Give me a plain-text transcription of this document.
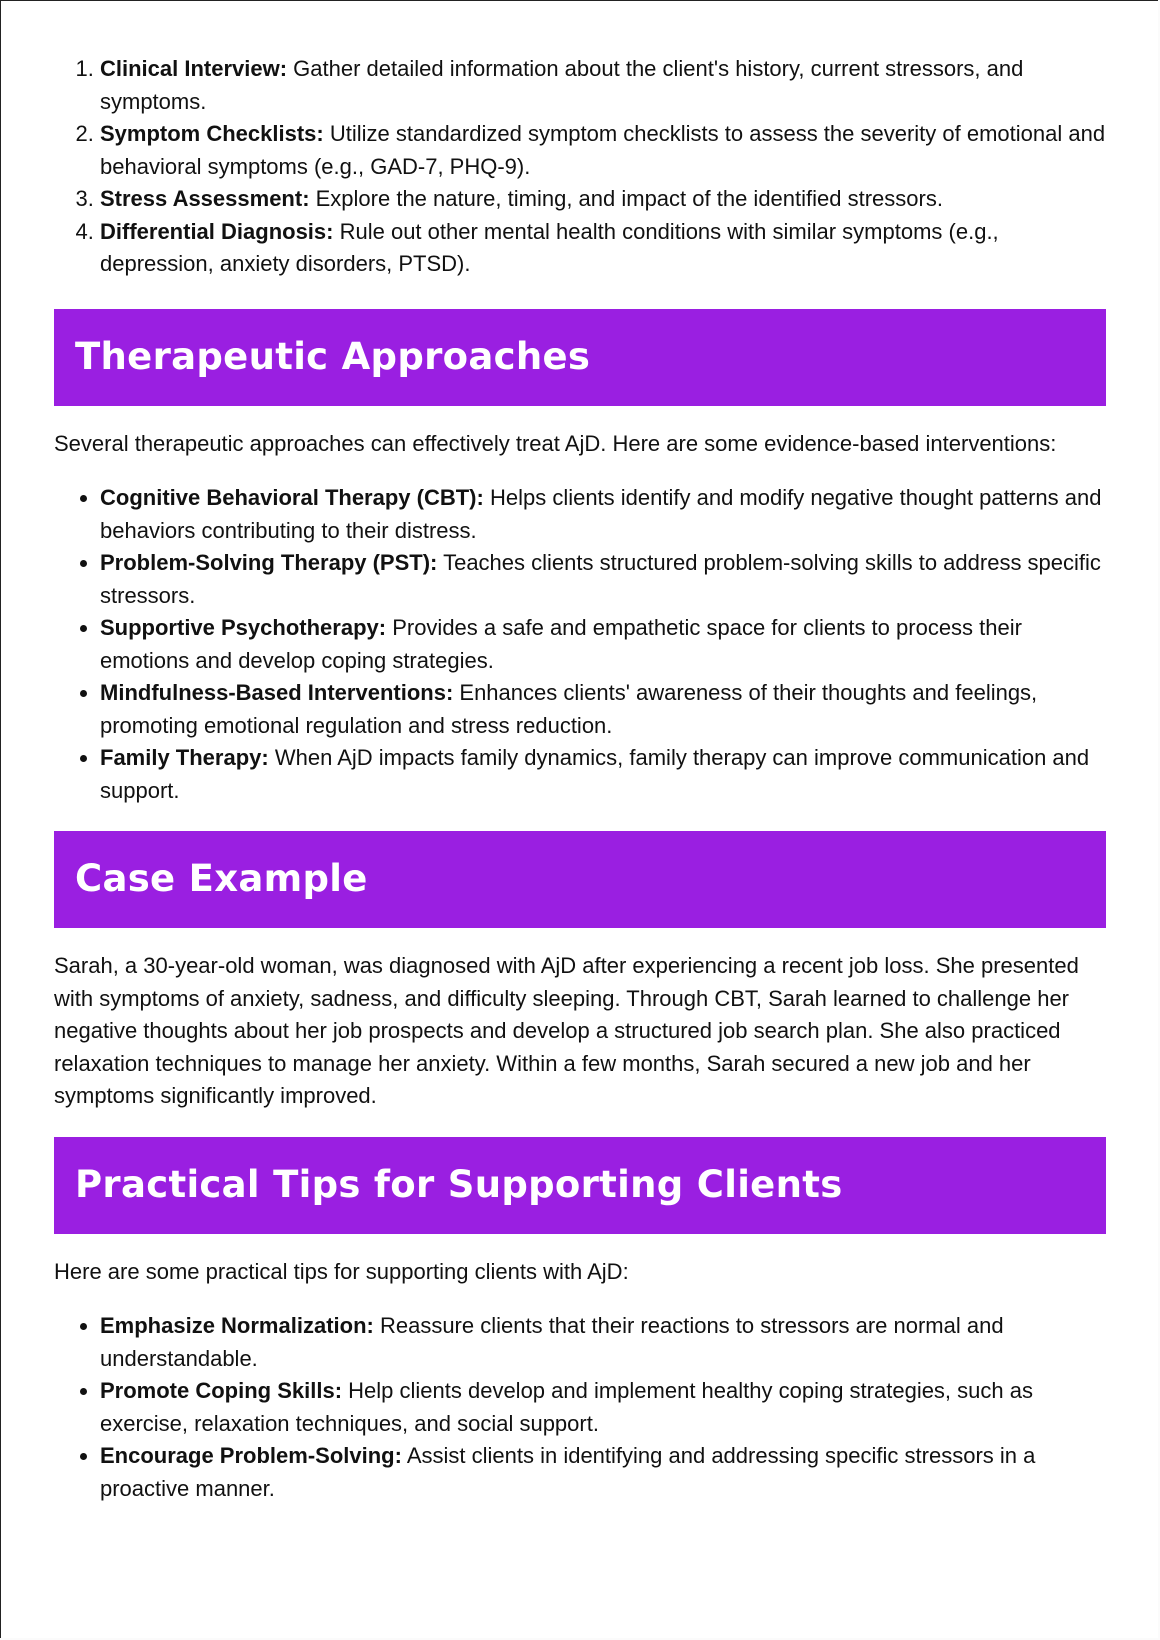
1. Clinical Interview: Gather detailed information about the client's history, current stressors, and symptoms.
2. Symptom Checklists: Utilize standardized symptom checklists to assess the severity of emotional and behavioral symptoms (e.g., GAD-7, PHQ-9).
3. Stress Assessment: Explore the nature, timing, and impact of the identified stressors.
4. Differential Diagnosis: Rule out other mental health conditions with similar symptoms (e.g., depression, anxiety disorders, PTSD).
Therapeutic Approaches

Several therapeutic approaches can effectively treat AjD. Here are some evidence-based interventions:

• Cognitive Behavioral Therapy (CBT): Helps clients identify and modify negative thought patterns and behaviors contributing to their distress.
• Problem-Solving Therapy (PST): Teaches clients structured problem-solving skills to address specific stressors.
• Supportive Psychotherapy: Provides a safe and empathetic space for clients to process their emotions and develop coping strategies.
• Mindfulness-Based Interventions: Enhances clients' awareness of their thoughts and feelings, promoting emotional regulation and stress reduction.
• Family Therapy: When AjD impacts family dynamics, family therapy can improve communication and support.
Case Example

Sarah, a 30-year-old woman, was diagnosed with AjD after experiencing a recent job loss. She presented with symptoms of anxiety, sadness, and difficulty sleeping. Through CBT, Sarah learned to challenge her negative thoughts about her job prospects and develop a structured job search plan. She also practiced relaxation techniques to manage her anxiety. Within a few months, Sarah secured a new job and her symptoms significantly improved.

Practical Tips for Supporting Clients

Here are some practical tips for supporting clients with AjD:

• Emphasize Normalization: Reassure clients that their reactions to stressors are normal and understandable.
• Promote Coping Skills: Help clients develop and implement healthy coping strategies, such as exercise, relaxation techniques, and social support.
• Encourage Problem-Solving: Assist clients in identifying and addressing specific stressors in a proactive manner.
